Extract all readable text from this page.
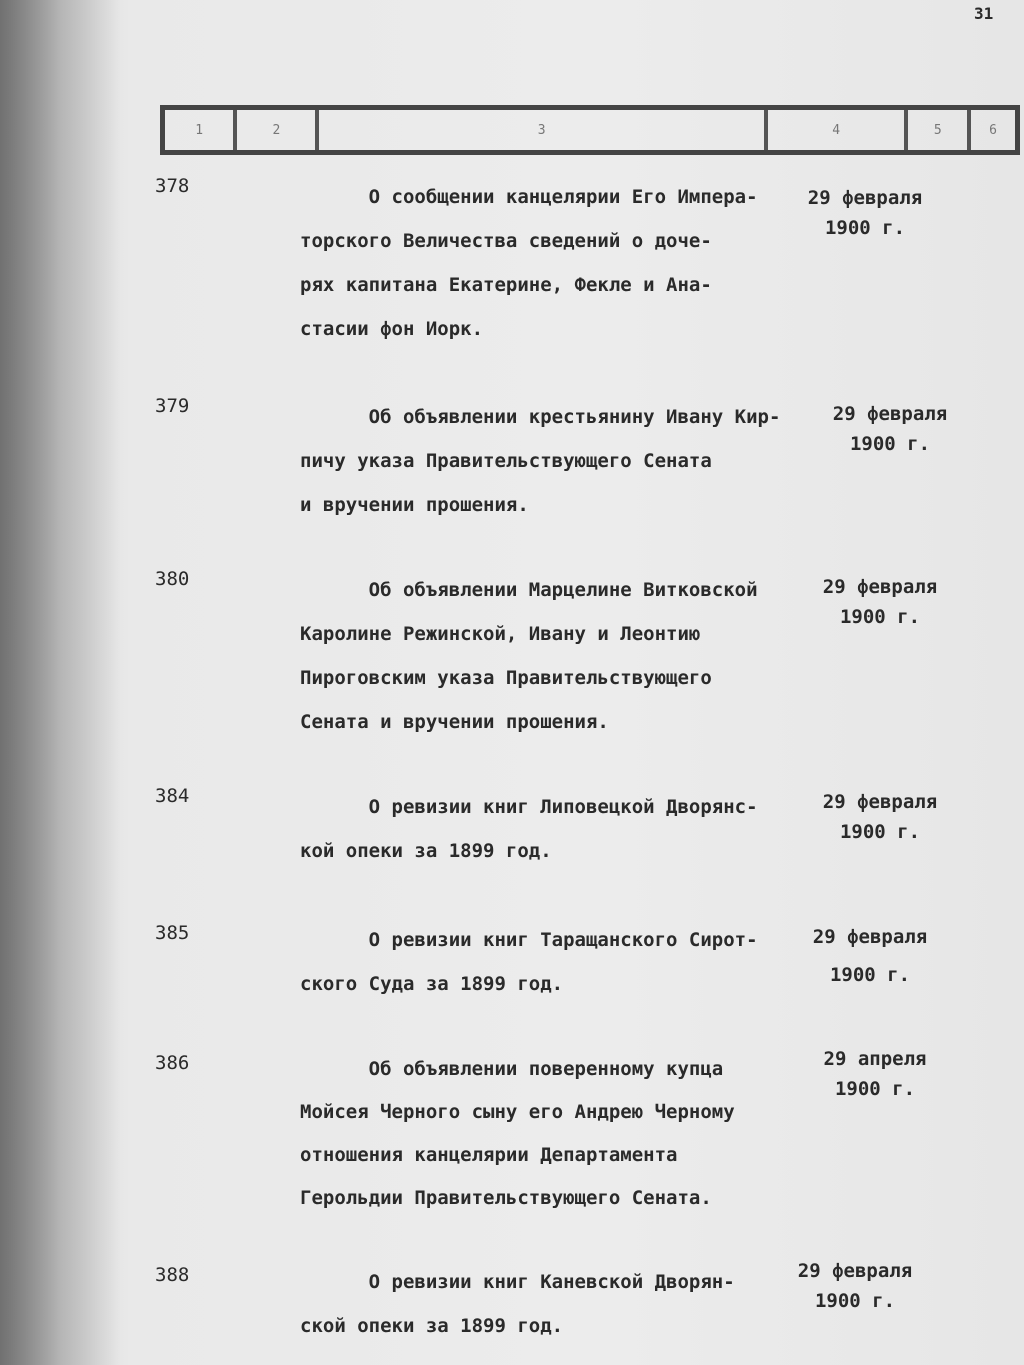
31
1	2	3	4	5	6
378	О сообщении канцелярии Его Импера-
торского Величества сведений о доче-
рях капитана Екатерине, Фекле и Ана-
стасии фон Иорк.
29 февраля
1900 г.
379	Об объявлении крестьянину Ивану Кир-
пичу указа Правительствующего Сената
и вручении прошения.
29 февраля
1900 г.
380	Об объявлении Марцелине Витковской
Каролине Режинской, Ивану и Леонтию
Пироговским указа Правительствующего
Сената и вручении прошения.
29 февраля
1900 г.
384	О ревизии книг Липовецкой Дворянс-
кой опеки за 1899 год.
29 февраля
1900 г.
385	О ревизии книг Таращанского Сирот-
ского Суда за 1899 год.
29 февраля
1900 г.
386	Об объявлении поверенному купца
Мойсея Черного сыну его Андрею Черному
отношения канцелярии Департамента
Герольдии Правительствующего Сената.
29 апреля
1900 г.
388	О ревизии книг Каневской Дворян-
ской опеки за 1899 год.
29 февраля
1900 г.
